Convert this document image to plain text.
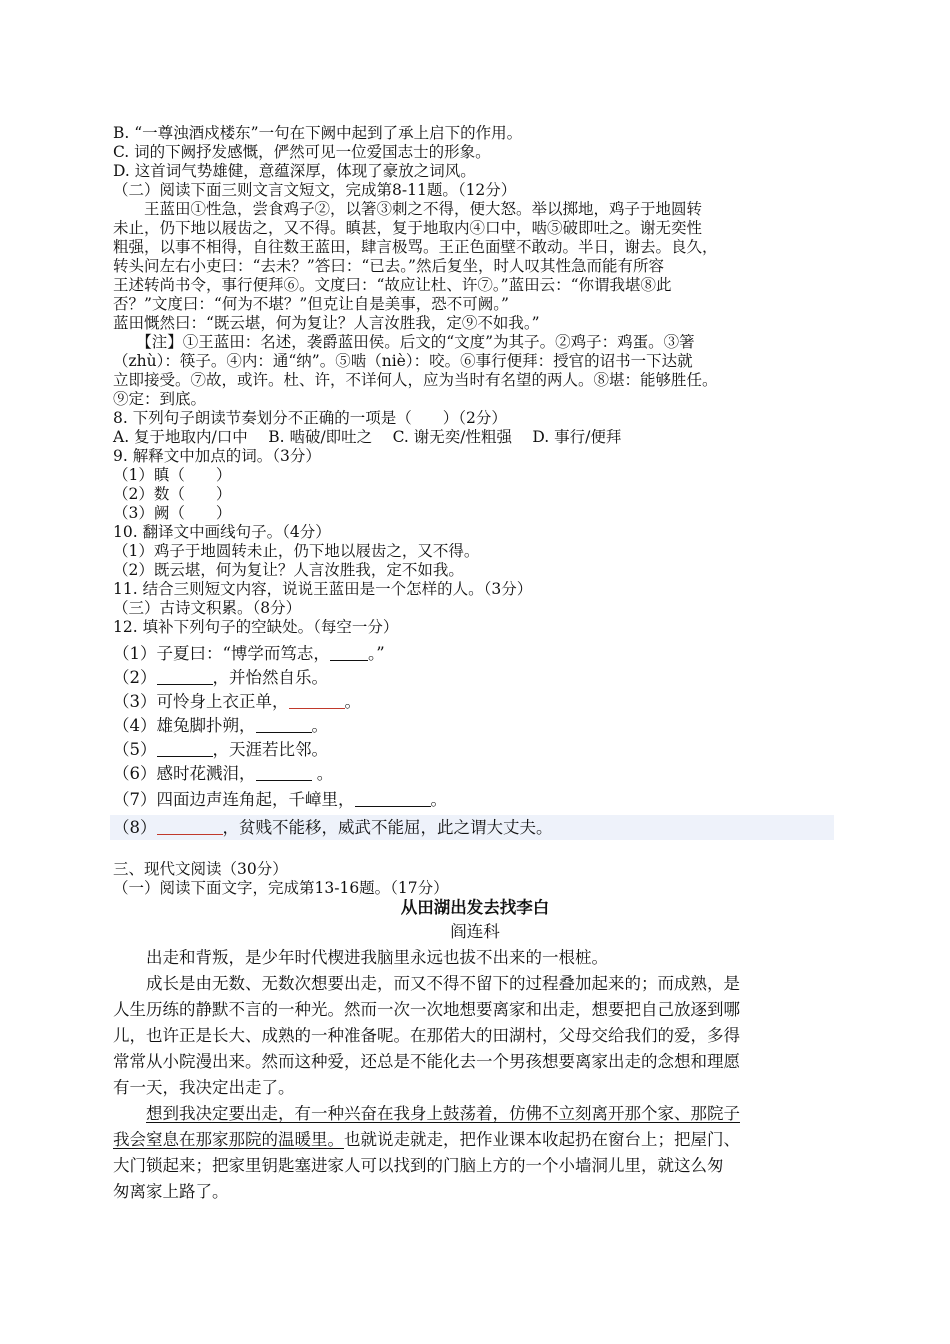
B. “一尊浊酒戍楼东”一句在下阙中起到了承上启下的作用。
C. 词的下阙抒发感慨，俨然可见一位爱国志士的形象。
D. 这首词气势雄健，意蕴深厚，体现了豪放之词风。
（二）阅读下面三则文言文短文，完成第8-11题。（12分）
　　王蓝田①性急，尝食鸡子②，以箸③刺之不得，便大怒。举以掷地，鸡子于地圆转
未止，仍下地以屐齿之，又不得。瞋甚，复于地取内④口中，啮⑤破即吐之。谢无奕性
粗强，以事不相得，自往数王蓝田，肆言极骂。王正色面壁不敢动。半日，谢去。良久，
转头问左右小吏曰：“去未？”答曰：“已去。”然后复坐，时人叹其性急而能有所容
王述转尚书令，事行便拜⑥。文度曰：“故应让杜、许⑦。”蓝田云：“你谓我堪⑧此
否？”文度曰：“何为不堪？”但克让自是美事，恐不可阙。”
蓝田慨然曰：“既云堪，何为复让？人言汝胜我，定⑨不如我。”
　　【注】①王蓝田：名述，袭爵蓝田侯。后文的“文度”为其子。②鸡子：鸡蛋。③箸
（zhù）：筷子。④内：通“纳”。⑤啮（niè）：咬。⑥事行便拜：授官的诏书一下达就
立即接受。⑦故，或许。杜、许，不详何人，应为当时有名望的两人。⑧堪：能够胜任。
⑨定：到底。
8. 下列句子朗读节奏划分不正确的一项是（　　）（2分）
A. 复于地取内/口中　 B. 啮破/即吐之　 C. 谢无奕/性粗强　 D. 事行/便拜
9. 解释文中加点的词。（3分）
（1）瞋（　　）
（2）数（　　）
（3）阙（　　）
10. 翻译文中画线句子。（4分）
（1）鸡子于地圆转未止，仍下地以屐齿之，又不得。
（2）既云堪，何为复让？人言汝胜我，定不如我。
11. 结合三则短文内容，说说王蓝田是一个怎样的人。（3分）
（三）古诗文积累。（8分）
12. 填补下列句子的空缺处。（每空一分）
（1）子夏曰：“博学而笃志， 。”
（2）	，并怡然自乐。
（3）可怜身上衣正单，	。
（4）雄兔脚扑朔，	。
（5）	，天涯若比邻。
（6）感时花溅泪，	。
（7）四面边声连角起，千嶂里，	。
（8）	，贫贱不能移，威武不能屈，此之谓大丈夫。
三、现代文阅读（30分）
（一）阅读下面文字，完成第13-16题。（17分）
从田湖出发去找李白
阎连科
　　出走和背叛，是少年时代楔进我脑里永远也拔不出来的一根桩。
　　成长是由无数、无数次想要出走，而又不得不留下的过程叠加起来的；而成熟，是
人生历练的静默不言的一种光。然而一次一次地想要离家和出走，想要把自己放逐到哪
儿，也许正是长大、成熟的一种准备呢。在那偌大的田湖村，父母交给我们的爱，多得
常常从小院漫出来。然而这种爱，还总是不能化去一个男孩想要离家出走的念想和理愿
有一天，我决定出走了。
　　想到我决定要出走，有一种兴奋在我身上鼓荡着，仿佛不立刻离开那个家、那院子
我会窒息在那家那院的温暖里。也就说走就走，把作业课本收起扔在窗台上；把屋门、
大门锁起来；把家里钥匙塞进家人可以找到的门脑上方的一个小墙洞儿里，就这么匆
匆离家上路了。
